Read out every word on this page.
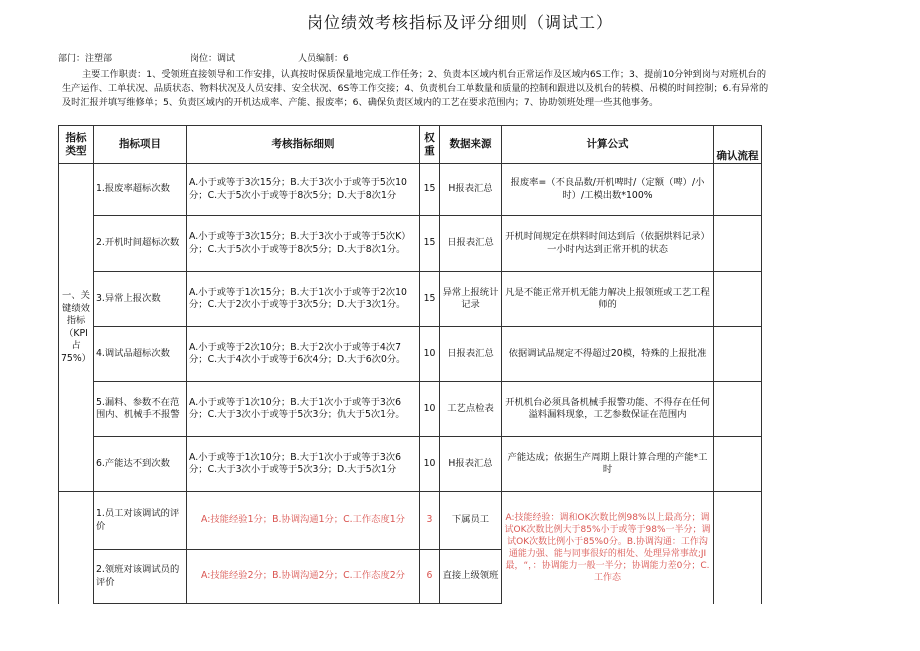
岗位绩效考核指标及评分细则（调试工）
部门：注塑部	岗位：调试	人员编制：6
主要工作职责：1、受领班直接领导和工作安排，认真按时保质保量地完成工作任务；2、负责本区域内机台正常运作及区域内6S工作；3、提前10分钟到岗与对班机台的生产运作、工单状况、品质状态、物料状况及人员安排、安全状况、6S等工作交接；4、负责机台工单数量和质量的控制和跟进以及机台的转模、吊模的时间控制；6.有异常的及时汇报并填写维修单；5、负责区域内的开机达成率、产能、报废率；6、确保负责区域内的工艺在要求范围内；7、协助领班处理一些其他事务。
指标类型	指标项目	考核指标细则	权重	数据来源	计算公式	确认流程
一、关键绩效指标（KPI占75%）	1.报废率超标次数	A.小于或等于3次15分；B.大于3次小于或等于5次10分；C.大于5次小于或等于8次5分；D.大于8次1分	15	H报表汇总	报废率=（不良品数/开机啤时/（定额（啤）/小时）/工模出数*100%	
	2.开机时间超标次数	A.小于或等于3次15分；B.大于3次小于或等于5次K）分；C.大于5次小于或等于8次5分；D.大于8次1分。	15	日报表汇总	开机时间规定在烘料时间达到后（依据烘料记录）一小时内达到正常开机的状态	
	3.异常上报次数	A.小于或等于1次15分；B.大于1次小于或等于2次10分；C.大于2次小于或等于3次5分；D.大于3次1分。	15	异常上报统计记录	凡是不能正常开机无能力解决上报领班或工艺工程师的	
	4.调试品超标次数	A.小于或等于2次10分；B.大于2次小于或等于4次7分；C.大于4次小于或等于6次4分；D.大于6次0分。	10	日报表汇总	依据调试品规定不得超过20模，特殊的上报批准	
	5.漏料、参数不在范围内、机械手不报警	A.小于或等于1次10分；B.大于1次小于或等于3次6分；C.大于3次小于或等于5次3分；仇大于5次1分。	10	工艺点检表	开机机台必须具备机械手报警功能、不得存在任何溢料漏料现象，工艺参数保证在范围内	
	6.产能达不到次数	A.小于或等于1次10分；B.大于1次小于或等于3次6分；C.大于3次小于或等于5次3分；D.大于5次1分	10	H报表汇总	产能达成；依据生产周期上限计算合理的产能*工时	
	1.员工对该调试的评价	A:技能经验1分；B.协调沟通1分；C.工作态度1分	3	下属员工	A:技能经验：调和OK次数比例98%以上最高分；调试OK次数比例大于85%小于或等于98%一半分；调试OK次数比例小于85%0分。B.协调沟通：工作沟通能力强、能与同事很好的相处、处理异常事故;JI最，“，：协调能力一般一半分；协调能力差0分；C.工作态	
	2.领班对该调试员的评价	A:技能经验2分；B.协调沟通2分；C.工作态度2分	6	直接上级领班		
